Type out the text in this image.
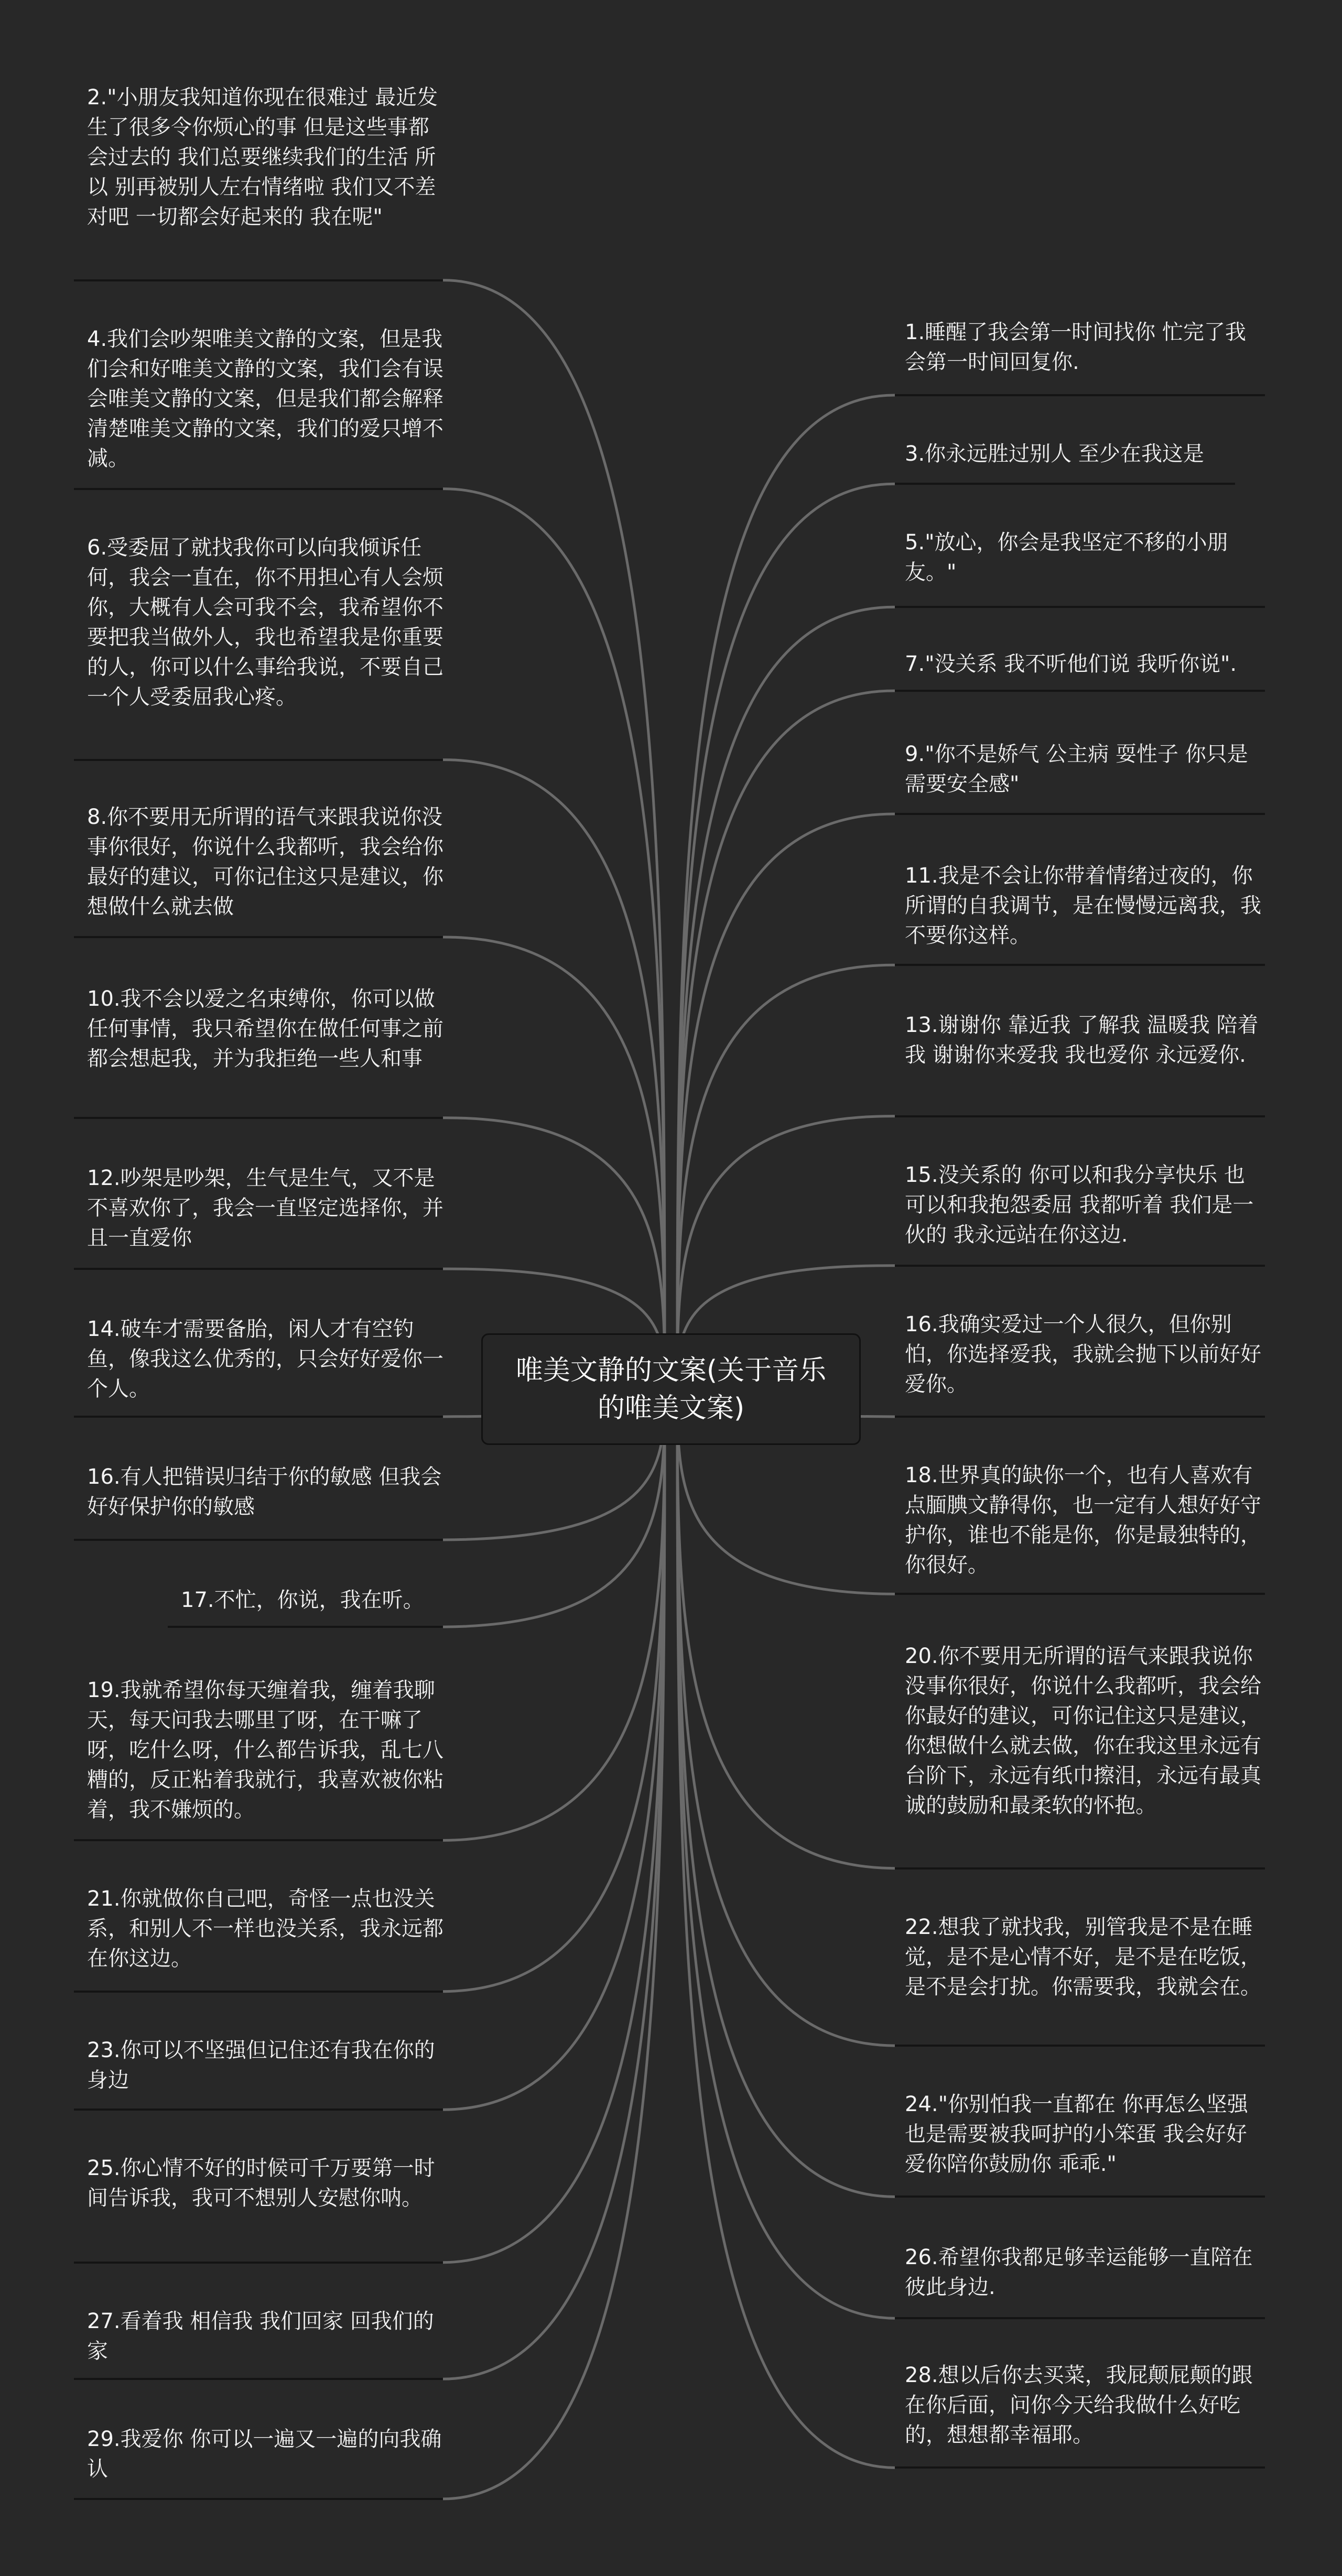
2."小朋友我知道你现在很难过 最近发生了很多令你烦心的事 但是这些事都会过去的 我们总要继续我们的生活 所以 别再被别人左右情绪啦 我们又不差 对吧 一切都会好起来的 我在呢"
4.我们会吵架唯美文静的文案，但是我们会和好唯美文静的文案，我们会有误会唯美文静的文案，但是我们都会解释清楚唯美文静的文案，我们的爱只增不减。
6.受委屈了就找我你可以向我倾诉任何，我会一直在，你不用担心有人会烦你，大概有人会可我不会，我希望你不要把我当做外人，我也希望我是你重要的人，你可以什么事给我说，不要自己一个人受委屈我心疼。
8.你不要用无所谓的语气来跟我说你没事你很好，你说什么我都听，我会给你最好的建议，可你记住这只是建议，你想做什么就去做
10.我不会以爱之名束缚你，你可以做任何事情，我只希望你在做任何事之前都会想起我，并为我拒绝一些人和事
12.吵架是吵架，生气是生气，又不是不喜欢你了，我会一直坚定选择你，并且一直爱你
14.破车才需要备胎，闲人才有空钓鱼，像我这么优秀的，只会好好爱你一个人。
16.有人把错误归结于你的敏感 但我会好好保护你的敏感
17.不忙，你说，我在听。
19.我就希望你每天缠着我，缠着我聊天，每天问我去哪里了呀，在干嘛了呀，吃什么呀，什么都告诉我，乱七八糟的，反正粘着我就行，我喜欢被你粘着，我不嫌烦的。
21.你就做你自己吧，奇怪一点也没关系，和别人不一样也没关系，我永远都在你这边。
23.你可以不坚强但记住还有我在你的身边
25.你心情不好的时候可千万要第一时间告诉我，我可不想别人安慰你呐。
27.看着我 相信我 我们回家 回我们的家
29.我爱你 你可以一遍又一遍的向我确认
1.睡醒了我会第一时间找你 忙完了我会第一时间回复你.
3.你永远胜过别人 至少在我这是
5."放心，你会是我坚定不移的小朋友。"
7."没关系 我不听他们说 我听你说".
9."你不是娇气 公主病 耍性子 你只是需要安全感"
11.我是不会让你带着情绪过夜的，你所谓的自我调节，是在慢慢远离我，我不要你这样。
13.谢谢你 靠近我 了解我 温暖我 陪着我 谢谢你来爱我 我也爱你 永远爱你.
15.没关系的 你可以和我分享快乐 也可以和我抱怨委屈 我都听着 我们是一伙的 我永远站在你这边.
16.我确实爱过一个人很久，但你别怕，你选择爱我，我就会抛下以前好好爱你。
18.世界真的缺你一个，也有人喜欢有点腼腆文静得你，也一定有人想好好守护你，谁也不能是你，你是最独特的，你很好。
20.你不要用无所谓的语气来跟我说你没事你很好，你说什么我都听，我会给你最好的建议，可你记住这只是建议，你想做什么就去做，你在我这里永远有台阶下，永远有纸巾擦泪，永远有最真诚的鼓励和最柔软的怀抱。
22.想我了就找我，别管我是不是在睡觉，是不是心情不好，是不是在吃饭，是不是会打扰。你需要我，我就会在。
24."你别怕我一直都在 你再怎么坚强也是需要被我呵护的小笨蛋 我会好好爱你陪你鼓励你 乖乖."
26.希望你我都足够幸运能够一直陪在彼此身边.
28.想以后你去买菜，我屁颠屁颠的跟在你后面，问你今天给我做什么好吃的，想想都幸福耶。
唯美文静的文案(关于音乐的唯美文案)
